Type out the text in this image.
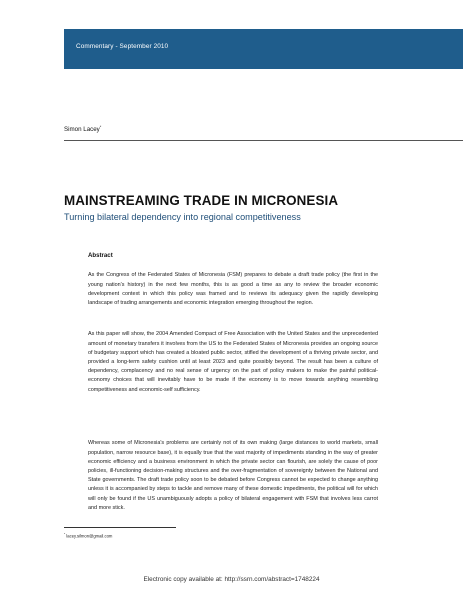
Commentary - September 2010
Simon Lacey*
MAINSTREAMING TRADE IN MICRONESIA
Turning bilateral dependency into regional competitiveness
Abstract

As the Congress of the Federated States of Micronesia (FSM) prepares to debate a draft trade policy (the first in the young nation's history) in the next few months, this is as good a time as any to review the broader economic development context in which this policy was framed and to reviews its adequacy given the rapidly developing landscape of trading arrangements and economic integration emerging throughout the region.

As this paper will show, the 2004 Amended Compact of Free Association with the United States and the unprecedented amount of monetary transfers it involves from the US to the Federated States of Micronesia provides an ongoing source of budgetary support which has created a bloated public sector, stifled the development of a thriving private sector, and provided a long-term safety cushion until at least 2023 and quite possibly beyond. The result has been a culture of dependency, complacency and no real sense of urgency on the part of policy makers to make the painful political-economy choices that will inevitably have to be made if the economy is to move towards anything resembling competitiveness and economic-self sufficiency.

Whereas some of Micronesia's problems are certainly not of its own making (large distances to world markets, small population, narrow resource base), it is equally true that the vast majority of impediments standing in the way of greater economic efficiency and a business environment in which the private sector can flourish, are solely the cause of poor policies, ill-functioning decision-making structures and the over-fragmentation of sovereignty between the National and State governments. The draft trade policy soon to be debated before Congress cannot be expected to change anything unless it is accompanied by steps to tackle and remove many of these domestic impediments, the political will for which will only be found if the US unambiguously adopts a policy of bilateral engagement with FSM that involves less carrot and more stick.

* lacey.silmon@gmail.com
Electronic copy available at: http://ssrn.com/abstract=1748224
